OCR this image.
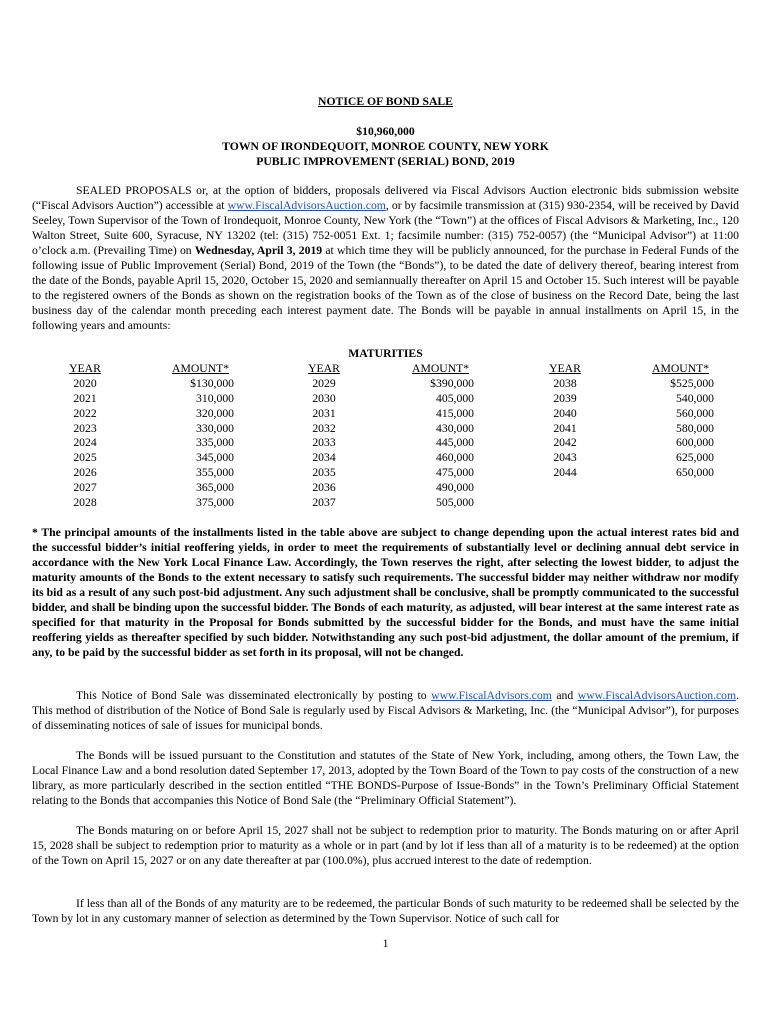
NOTICE OF BOND SALE
$10,960,000
TOWN OF IRONDEQUOIT, MONROE COUNTY, NEW YORK
PUBLIC IMPROVEMENT (SERIAL) BOND, 2019

SEALED PROPOSALS or, at the option of bidders, proposals delivered via Fiscal Advisors Auction electronic bids submission website (“Fiscal Advisors Auction”) accessible at www.FiscalAdvisorsAuction.com, or by facsimile transmission at (315) 930-2354, will be received by David Seeley, Town Supervisor of the Town of Irondequoit, Monroe County, New York (the “Town”) at the offices of Fiscal Advisors & Marketing, Inc., 120 Walton Street, Suite 600, Syracuse, NY 13202 (tel: (315) 752-0051 Ext. 1; facsimile number: (315) 752-0057) (the “Municipal Advisor”) at 11:00 o’clock a.m. (Prevailing Time) on Wednesday, April 3, 2019 at which time they will be publicly announced, for the purchase in Federal Funds of the following issue of Public Improvement (Serial) Bond, 2019 of the Town (the “Bonds”), to be dated the date of delivery thereof, bearing interest from the date of the Bonds, payable April 15, 2020, October 15, 2020 and semiannually thereafter on April 15 and October 15. Such interest will be payable to the registered owners of the Bonds as shown on the registration books of the Town as of the close of business on the Record Date, being the last business day of the calendar month preceding each interest payment date. The Bonds will be payable in annual installments on April 15, in the following years and amounts:

MATURITIES
YEAR
2020
2021
2022
2023
2024
2025
2026
2027
2028
AMOUNT*
$130,000
310,000
320,000
330,000
335,000
345,000
355,000
365,000
375,000
YEAR
2029
2030
2031
2032
2033
2034
2035
2036
2037
AMOUNT*
$390,000
405,000
415,000
430,000
445,000
460,000
475,000
490,000
505,000
YEAR
2038
2039
2040
2041
2042
2043
2044
AMOUNT*
$525,000
540,000
560,000
580,000
600,000
625,000
650,000

* The principal amounts of the installments listed in the table above are subject to change depending upon the actual interest rates bid and the successful bidder’s initial reoffering yields, in order to meet the requirements of substantially level or declining annual debt service in accordance with the New York Local Finance Law. Accordingly, the Town reserves the right, after selecting the lowest bidder, to adjust the maturity amounts of the Bonds to the extent necessary to satisfy such requirements. The successful bidder may neither withdraw nor modify its bid as a result of any such post-bid adjustment. Any such adjustment shall be conclusive, shall be promptly communicated to the successful bidder, and shall be binding upon the successful bidder. The Bonds of each maturity, as adjusted, will bear interest at the same interest rate as specified for that maturity in the Proposal for Bonds submitted by the successful bidder for the Bonds, and must have the same initial reoffering yields as thereafter specified by such bidder. Notwithstanding any such post-bid adjustment, the dollar amount of the premium, if any, to be paid by the successful bidder as set forth in its proposal, will not be changed.

This Notice of Bond Sale was disseminated electronically by posting to www.FiscalAdvisors.com and www.FiscalAdvisorsAuction.com. This method of distribution of the Notice of Bond Sale is regularly used by Fiscal Advisors & Marketing, Inc. (the “Municipal Advisor”), for purposes of disseminating notices of sale of issues for municipal bonds.

The Bonds will be issued pursuant to the Constitution and statutes of the State of New York, including, among others, the Town Law, the Local Finance Law and a bond resolution dated September 17, 2013, adopted by the Town Board of the Town to pay costs of the construction of a new library, as more particularly described in the section entitled “THE BONDS-Purpose of Issue-Bonds” in the Town’s Preliminary Official Statement relating to the Bonds that accompanies this Notice of Bond Sale (the “Preliminary Official Statement”).

The Bonds maturing on or before April 15, 2027 shall not be subject to redemption prior to maturity. The Bonds maturing on or after April 15, 2028 shall be subject to redemption prior to maturity as a whole or in part (and by lot if less than all of a maturity is to be redeemed) at the option of the Town on April 15, 2027 or on any date thereafter at par (100.0%), plus accrued interest to the date of redemption.

If less than all of the Bonds of any maturity are to be redeemed, the particular Bonds of such maturity to be redeemed shall be selected by the Town by lot in any customary manner of selection as determined by the Town Supervisor. Notice of such call for

1
